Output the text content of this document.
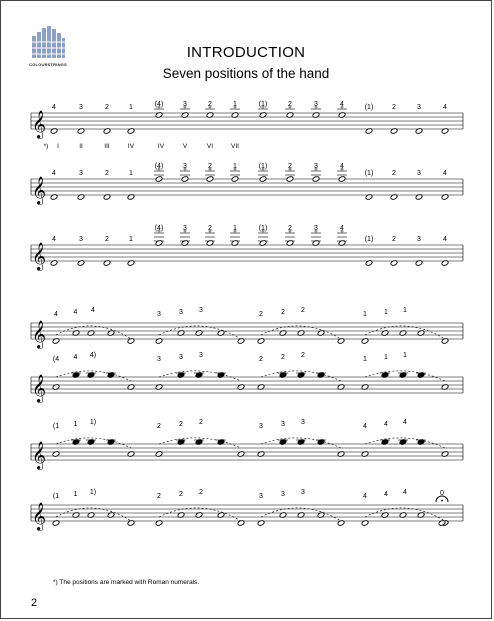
COLOURSTRINGS
INTRODUCTION
Seven positions of the hand
𝄞
4	3	2	1	(4)	3	2	1	(1)	2	3	4	(1)	2	3	4
*) I	II	III	IV	IV	V	VI	VII
𝄞
4	3	2	1
(4)	3	2	1	(1)	2	3	4
(1)	2	3	4
𝄞
4	3	2	1
(4)	3	2	1	(1)	2	3	4
(1)	2	3	4
𝄞
4 4 4
3	3 3
2	2 2
1 1 1
𝄞
(4 4 4)
3	3 3
2	2 2
1 1 1
𝄞
(1 1 1)
2	2 2
3	3 3
4 4 4
𝄞
(1 1 1)
2	2 2
3	3 3
4 4 4	0
*) The positions are marked with Roman numerals.
2
